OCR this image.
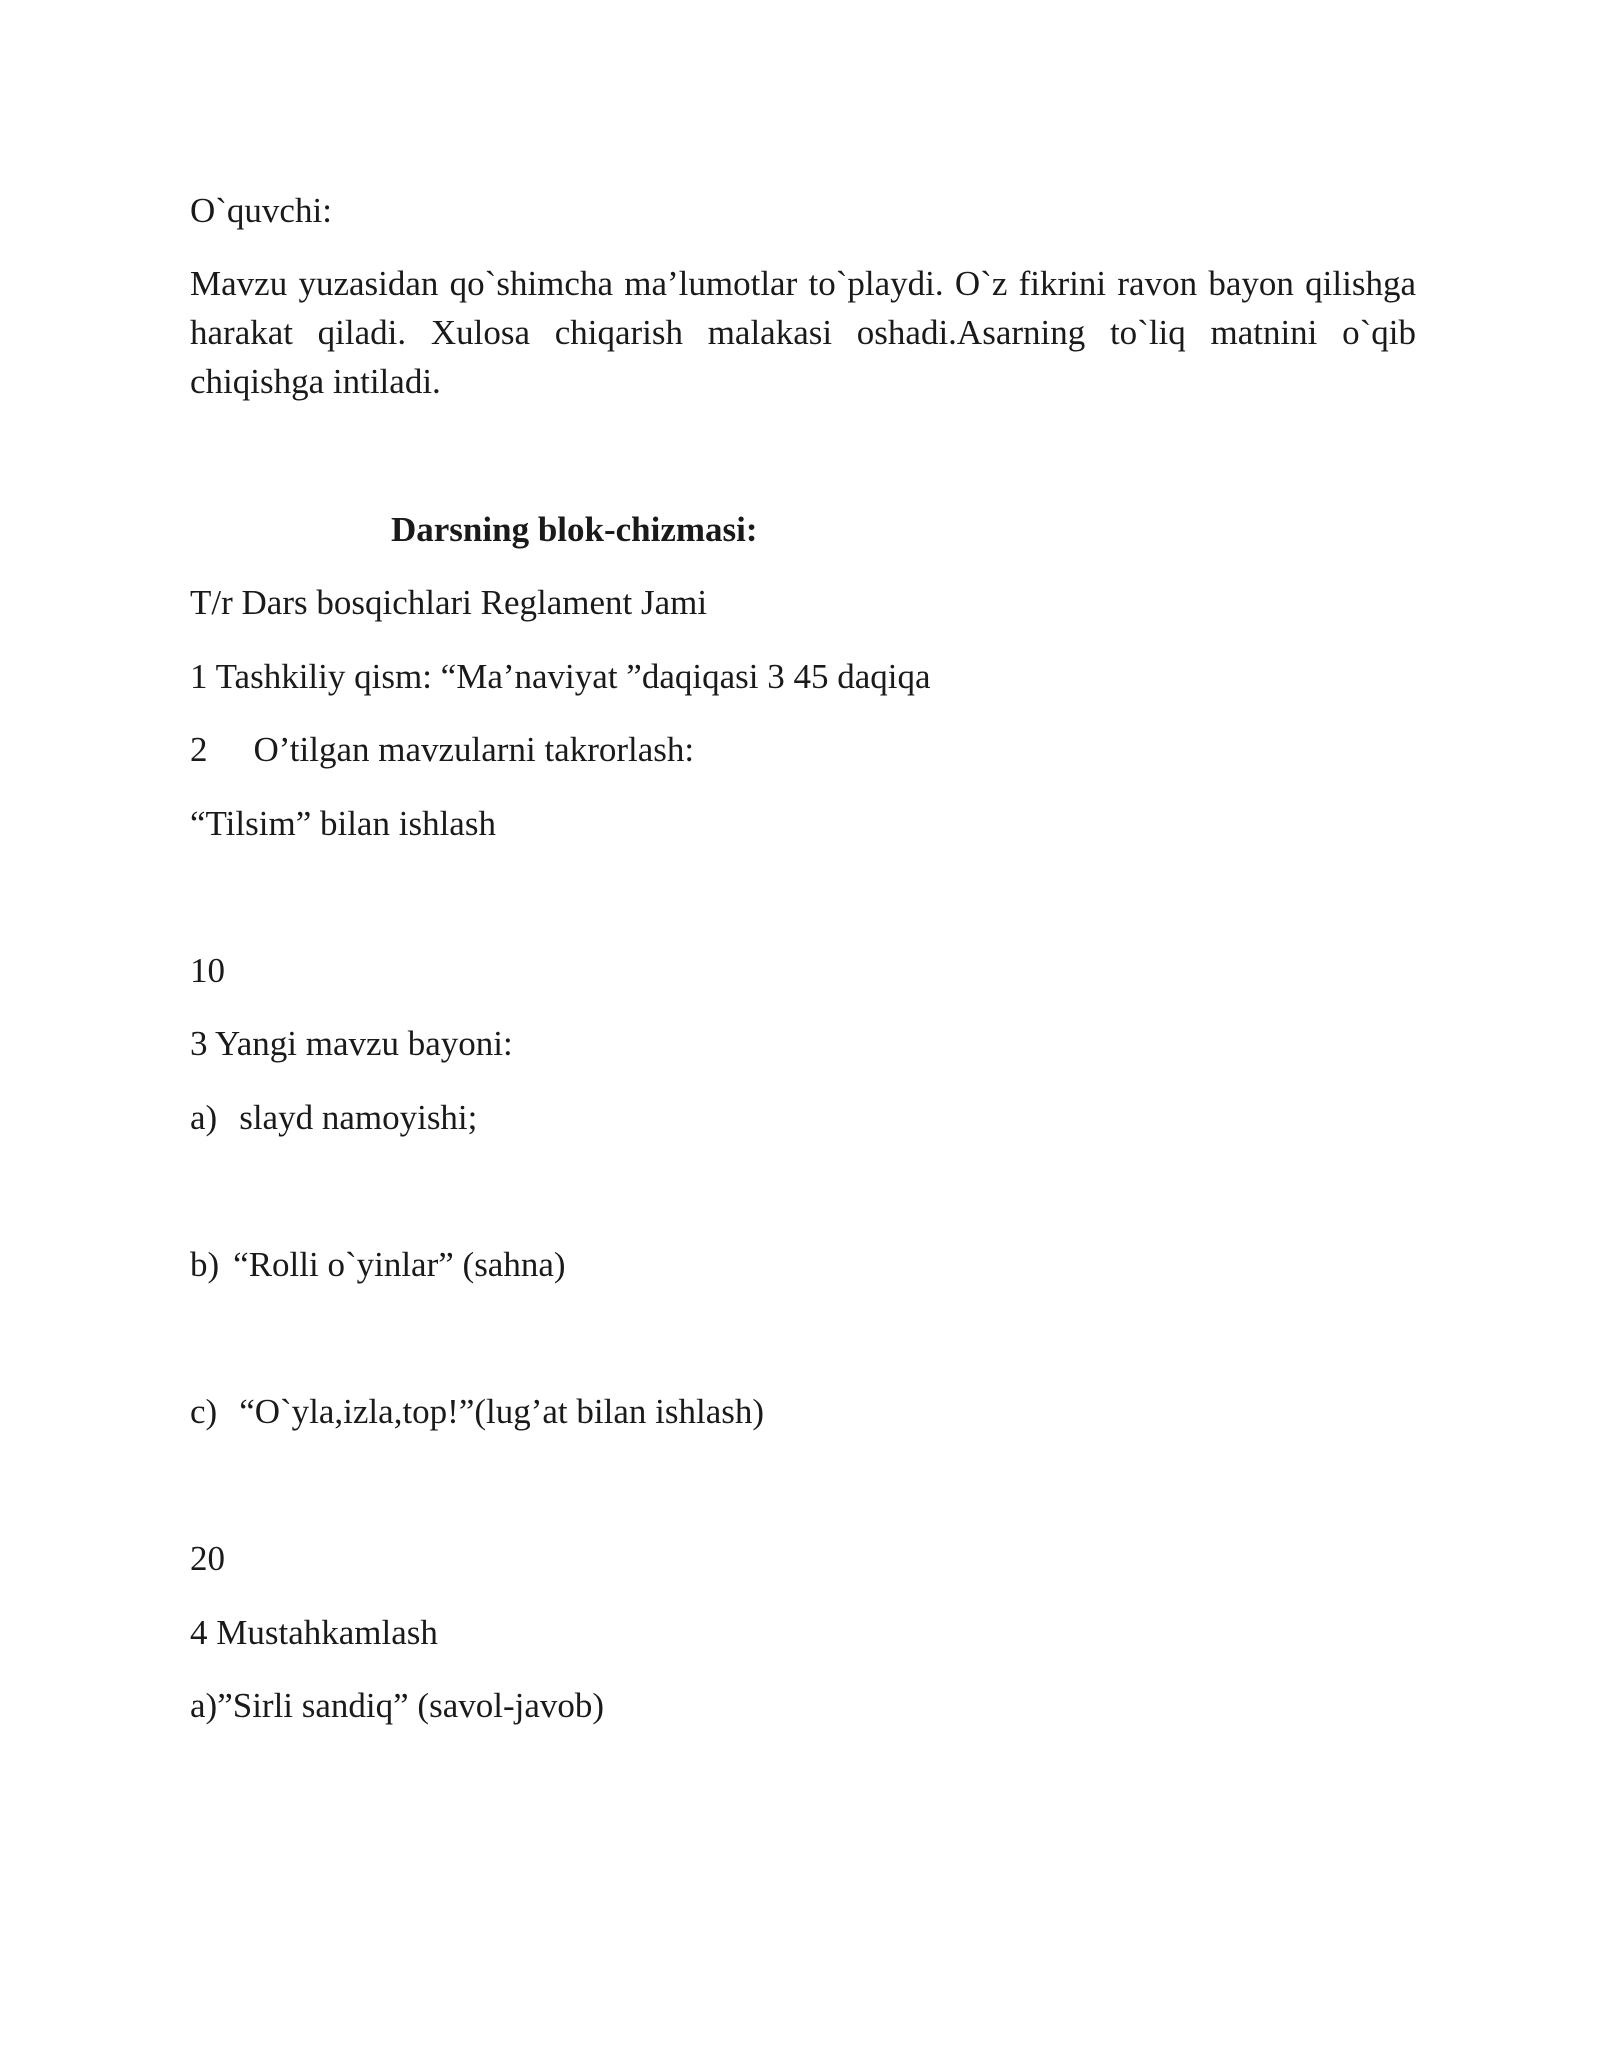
O`quvchi:
Mavzu yuzasidan qo`shimcha ma’lumotlar to`playdi. O`z fikrini ravon bayon qilishga harakat qiladi. Xulosa chiqarish malakasi oshadi.Asarning to`liq matnini o`qib chiqishga intiladi.
Darsning blok-chizmasi:
T/r Dars bosqichlari Reglament Jami
1 Tashkiliy qism: “Ma’naviyat ”daqiqasi 3 45 daqiqa
2 O’tilgan mavzularni takrorlash:
“Tilsim” bilan ishlash
10
3 Yangi mavzu bayoni:
a) slayd namoyishi;
b) “Rolli o`yinlar” (sahna)
c) “O`yla,izla,top!”(lug’at bilan ishlash)
20
4 Mustahkamlash
a)”Sirli sandiq” (savol-javob)
